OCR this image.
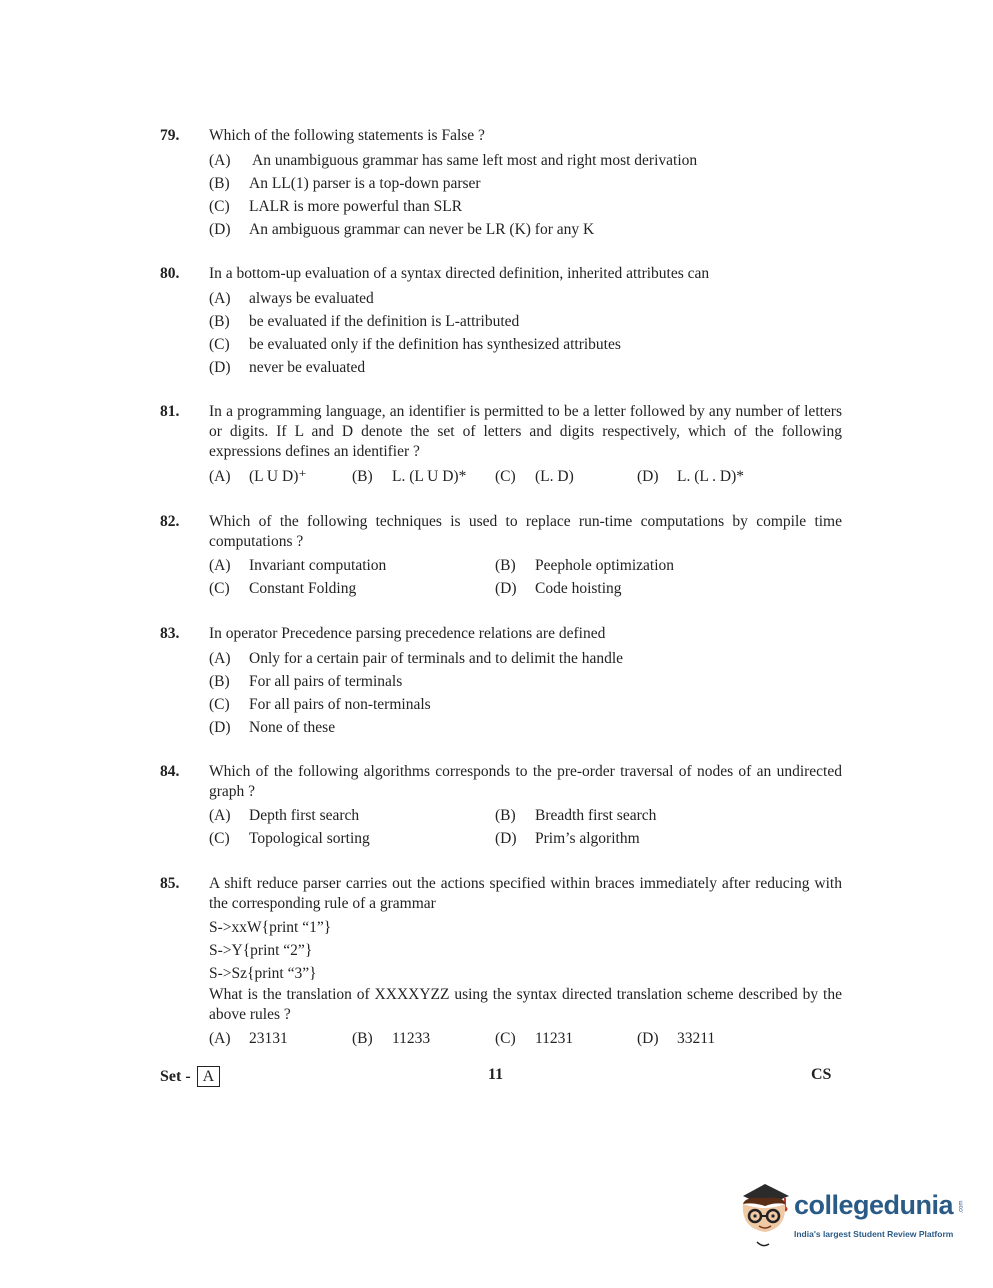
79. Which of the following statements is False ?
(A) An unambiguous grammar has same left most and right most derivation
(B) An LL(1) parser is a top-down parser
(C) LALR is more powerful than SLR
(D) An ambiguous grammar can never be LR (K) for any K
80. In a bottom-up evaluation of a syntax directed definition, inherited attributes can
(A) always be evaluated
(B) be evaluated if the definition is L-attributed
(C) be evaluated only if the definition has synthesized attributes
(D) never be evaluated
81. In a programming language, an identifier is permitted to be a letter followed by any number of letters or digits. If L and D denote the set of letters and digits respectively, which of the following expressions defines an identifier ?
(A) (L U D)⁺	(B) L. (L U D)* (C) (L. D)	(D) L. (L . D)*
82. Which of the following techniques is used to replace run-time computations by compile time computations ?
(A) Invariant computation	(B) Peephole optimization
(C) Constant Folding	(D) Code hoisting
83. In operator Precedence parsing precedence relations are defined
(A) Only for a certain pair of terminals and to delimit the handle
(B) For all pairs of terminals
(C) For all pairs of non-terminals
(D) None of these
84. Which of the following algorithms corresponds to the pre-order traversal of nodes of an undirected graph ?
(A) Depth first search	(B) Breadth first search
(C) Topological sorting	(D) Prim’s algorithm
85. A shift reduce parser carries out the actions specified within braces immediately after reducing with the corresponding rule of a grammar
S->xxW{print “1”}
S->Y{print “2”}
S->Sz{print “3”}
What is the translation of XXXXYZZ using the syntax directed translation scheme described by the above rules ?
(A) 23131	(B) 11233	(C) 11231	(D) 33211
Set - A	11	CS
collegedunia .com
India's largest Student Review Platform
